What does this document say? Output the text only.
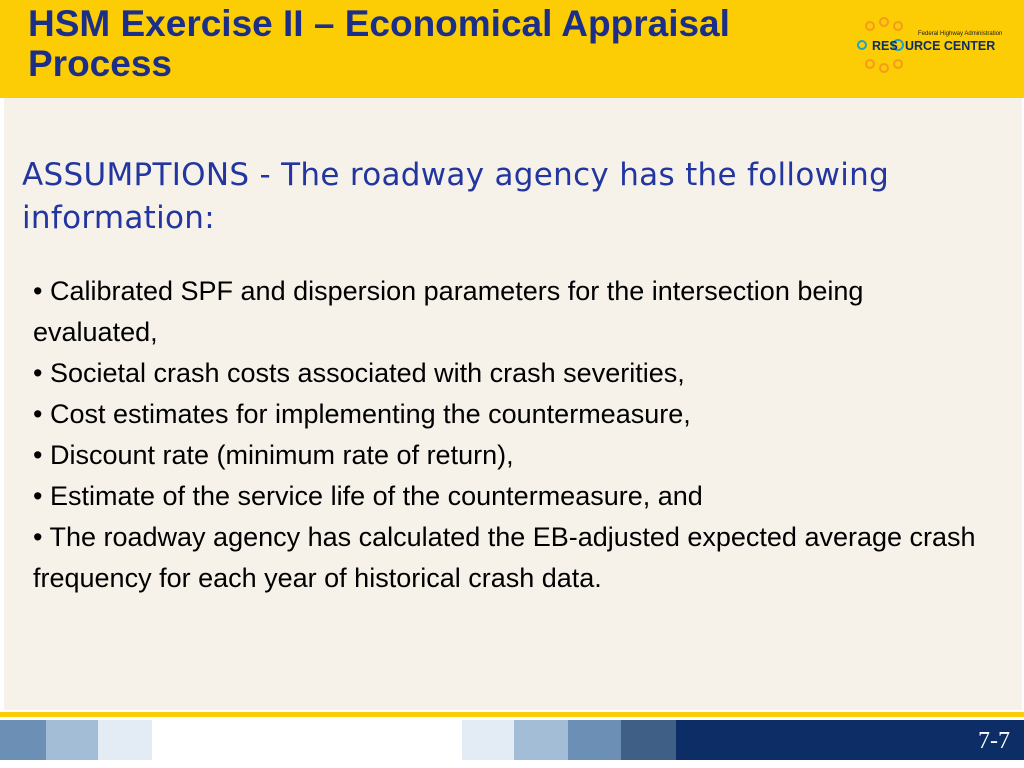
HSM Exercise II – Economical Appraisal Process
Federal Highway Administration
RES URCE CENTER

ASSUMPTIONS - The roadway agency has the following information:

• Calibrated SPF and dispersion parameters for the intersection being evaluated,
• Societal crash costs associated with crash severities,
• Cost estimates for implementing the countermeasure,
• Discount rate (minimum rate of return),
• Estimate of the service life of the countermeasure, and
• The roadway agency has calculated the EB-adjusted expected average crash frequency for each year of historical crash data.
7-7
